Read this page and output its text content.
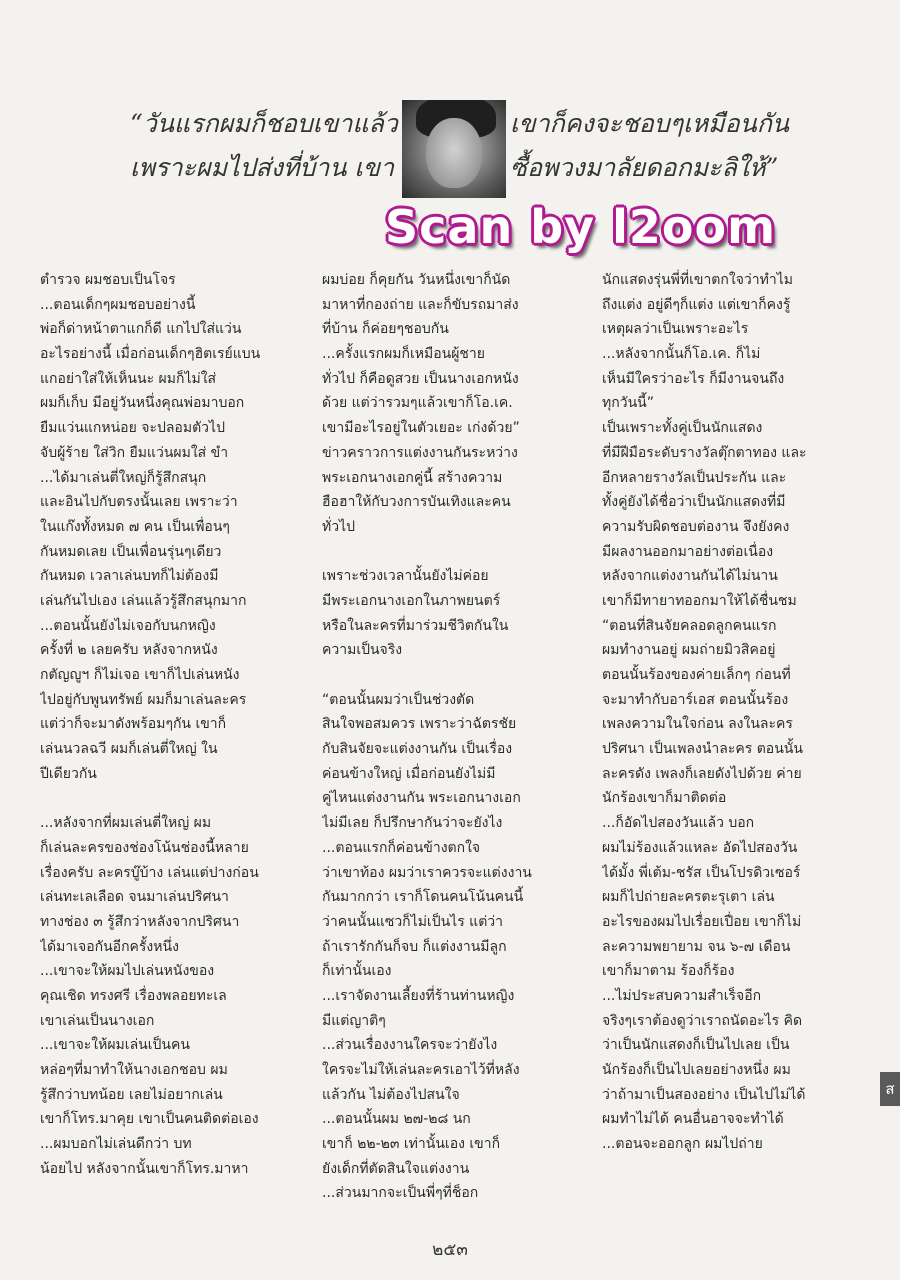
“วันแรกผมก็ชอบเขาแล้ว
เพราะผมไปส่งที่บ้าน เขา
เขาก็คงจะชอบๆเหมือนกัน
ซื้อพวงมาลัยดอกมะลิให้”
Scan by l2oom
ตำรวจ ผมชอบเป็นโจร
...ตอนเด็กๆผมชอบอย่างนี้
พ่อก็ด่าหน้าตาแกก็ดี แกไปใส่แว่น
อะไรอย่างนี้ เมื่อก่อนเด็กๆฮิตเรย์แบน
แกอย่าใส่ให้เห็นนะ ผมก็ไม่ใส่
ผมก็เก็บ มีอยู่วันหนึ่งคุณพ่อมาบอก
ยืมแว่นแกหน่อย จะปลอมตัวไป
จับผู้ร้าย ใส่วิก ยืมแว่นผมใส่ ขำ
...ได้มาเล่นตี่ใหญ่ก็รู้สึกสนุก
และอินไปกับตรงนั้นเลย เพราะว่า
ในแก๊งทั้งหมด ๗ คน เป็นเพื่อนๆ
กันหมดเลย เป็นเพื่อนรุ่นๆเดียว
กันหมด เวลาเล่นบทก็ไม่ต้องมี
เล่นกันไปเอง เล่นแล้วรู้สึกสนุกมาก
...ตอนนั้นยังไม่เจอกับนกหญิง
ครั้งที่ ๒ เลยครับ หลังจากหนัง
กตัญญูฯ ก็ไม่เจอ เขาก็ไปเล่นหนัง
ไปอยู่กับพูนทรัพย์ ผมก็มาเล่นละคร
แต่ว่าก็จะมาดังพร้อมๆกัน เขาก็
เล่นนวลฉวี ผมก็เล่นตี่ใหญ่ ใน
ปีเดียวกัน
...หลังจากที่ผมเล่นตี่ใหญ่ ผม
ก็เล่นละครของช่องโน้นช่องนี้หลาย
เรื่องครับ ละครบู๊บ้าง เล่นแต่ปางก่อน
เล่นทะเลเลือด จนมาเล่นปริศนา
ทางช่อง ๓ รู้สึกว่าหลังจากปริศนา
ได้มาเจอกันอีกครั้งหนึ่ง
...เขาจะให้ผมไปเล่นหนังของ
คุณเชิด ทรงศรี เรื่องพลอยทะเล
เขาเล่นเป็นนางเอก
...เขาจะให้ผมเล่นเป็นคน
หล่อๆที่มาทำให้นางเอกชอบ ผม
รู้สึกว่าบทน้อย เลยไม่อยากเล่น
เขาก็โทร.มาคุย เขาเป็นคนติดต่อเอง
...ผมบอกไม่เล่นดีกว่า บท
น้อยไป หลังจากนั้นเขาก็โทร.มาหา
ผมบ่อย ก็คุยกัน วันหนึ่งเขาก็นัด
มาหาที่กองถ่าย และก็ขับรถมาส่ง
ที่บ้าน ก็ค่อยๆชอบกัน
...ครั้งแรกผมก็เหมือนผู้ชาย
ทั่วไป ก็คือดูสวย เป็นนางเอกหนัง
ด้วย แต่ว่ารวมๆแล้วเขาก็โอ.เค.
เขามีอะไรอยู่ในตัวเยอะ เก่งด้วย”
ข่าวคราวการแต่งงานกันระหว่าง
พระเอกนางเอกคู่นี้ สร้างความ
ฮือฮาให้กับวงการบันเทิงและคน
ทั่วไป
เพราะช่วงเวลานั้นยังไม่ค่อย
มีพระเอกนางเอกในภาพยนตร์
หรือในละครที่มาร่วมชีวิตกันใน
ความเป็นจริง
“ตอนนั้นผมว่าเป็นช่วงตัด
สินใจพอสมควร เพราะว่าฉัตรชัย
กับสินจัยจะแต่งงานกัน เป็นเรื่อง
ค่อนข้างใหญ่ เมื่อก่อนยังไม่มี
คู่ไหนแต่งงานกัน พระเอกนางเอก
ไม่มีเลย ก็ปรึกษากันว่าจะยังไง
...ตอนแรกก็ค่อนข้างตกใจ
ว่าเขาท้อง ผมว่าเราควรจะแต่งงาน
กันมากกว่า เราก็โดนคนโน้นคนนี้
ว่าคนนั้นแซวก็ไม่เป็นไร แต่ว่า
ถ้าเรารักกันก็จบ ก็แต่งงานมีลูก
ก็เท่านั้นเอง
...เราจัดงานเลี้ยงที่ร้านท่านหญิง
มีแต่ญาติๆ
...ส่วนเรื่องงานใครจะว่ายังไง
ใครจะไม่ให้เล่นละครเอาไว้ที่หลัง
แล้วกัน ไม่ต้องไปสนใจ
...ตอนนั้นผม ๒๗-๒๘ นก
เขาก็ ๒๒-๒๓ เท่านั้นเอง เขาก็
ยังเด็กที่ตัดสินใจแต่งงาน
...ส่วนมากจะเป็นพี่ๆที่ช็อก
นักแสดงรุ่นพี่ที่เขาตกใจว่าทำไม
ถึงแต่ง อยู่ดีๆก็แต่ง แต่เขาก็คงรู้
เหตุผลว่าเป็นเพราะอะไร
...หลังจากนั้นก็โอ.เค. ก็ไม่
เห็นมีใครว่าอะไร ก็มีงานจนถึง
ทุกวันนี้”
เป็นเพราะทั้งคู่เป็นนักแสดง
ที่มีฝีมือระดับรางวัลตุ๊กตาทอง และ
อีกหลายรางวัลเป็นประกัน และ
ทั้งคู่ยังได้ชื่อว่าเป็นนักแสดงที่มี
ความรับผิดชอบต่องาน จึงยังคง
มีผลงานออกมาอย่างต่อเนื่อง
หลังจากแต่งงานกันได้ไม่นาน
เขาก็มีทายาทออกมาให้ได้ชื่นชม
“ตอนที่สินจัยคลอดลูกคนแรก
ผมทำงานอยู่ ผมถ่ายมิวสิคอยู่
ตอนนั้นร้องของค่ายเล็กๆ ก่อนที่
จะมาทำกับอาร์เอส ตอนนั้นร้อง
เพลงความในใจก่อน ลงในละคร
ปริศนา เป็นเพลงนำละคร ตอนนั้น
ละครดัง เพลงก็เลยดังไปด้วย ค่าย
นักร้องเขาก็มาติดต่อ
...ก็อัดไปสองวันแล้ว บอก
ผมไม่ร้องแล้วแหละ อัดไปสองวัน
ได้มั้ง พี่เต้ม-ชรัส เป็นโปรดิวเซอร์
ผมก็ไปถ่ายละครตะรุเตา เล่น
อะไรของผมไปเรื่อยเปื่อย เขาก็ไม่
ละความพยายาม จน ๖-๗ เดือน
เขาก็มาตาม ร้องก็ร้อง
...ไม่ประสบความสำเร็จอีก
จริงๆเราต้องดูว่าเราถนัดอะไร คิด
ว่าเป็นนักแสดงก็เป็นไปเลย เป็น
นักร้องก็เป็นไปเลยอย่างหนึ่ง ผม
ว่าถ้ามาเป็นสองอย่าง เป็นไปไม่ได้
ผมทำไม่ได้ คนอื่นอาจจะทำได้
...ตอนจะออกลูก ผมไปถ่าย
ส
๒๕๓
